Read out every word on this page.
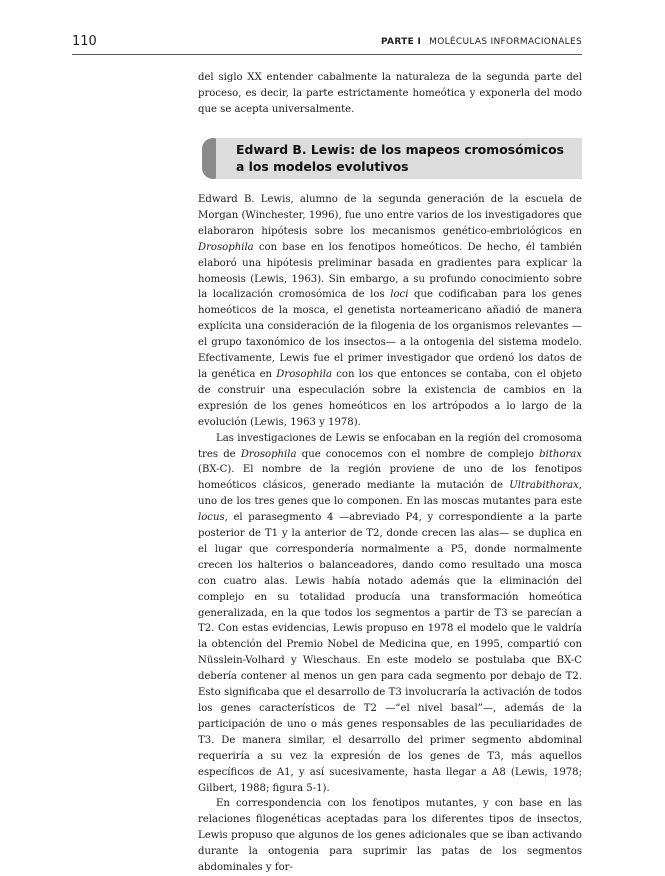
110	PARTE I MOLÉCULAS INFORMACIONALES

del siglo XX entender cabalmente la naturaleza de la segunda parte del proceso, es decir, la parte estrictamente homeótica y exponerla del modo que se acepta universalmente.

Edward B. Lewis: de los mapeos cromosómicos a los modelos evolutivos

Edward B. Lewis, alumno de la segunda generación de la escuela de Morgan (Winchester, 1996), fue uno entre varios de los investigadores que elaboraron hipótesis sobre los mecanismos genético-embriológicos en Drosophila con base en los fenotipos homeóticos. De hecho, él también elaboró una hipótesis preliminar basada en gradientes para explicar la homeosis (Lewis, 1963). Sin embargo, a su profundo conocimiento sobre la localización cromosómica de los loci que codificaban para los genes homeóticos de la mosca, el genetista norteamericano añadió de manera explícita una consideración de la filogenia de los organismos relevantes —el grupo taxonómico de los insectos— a la ontogenia del sistema modelo. Efectivamente, Lewis fue el primer investigador que ordenó los datos de la genética en Drosophila con los que entonces se contaba, con el objeto de construir una especulación sobre la existencia de cambios en la expresión de los genes homeóticos en los artrópodos a lo largo de la evolución (Lewis, 1963 y 1978).

Las investigaciones de Lewis se enfocaban en la región del cromosoma tres de Drosophila que conocemos con el nombre de complejo bithorax (BX-C). El nombre de la región proviene de uno de los fenotipos homeóticos clásicos, generado mediante la mutación de Ultrabithorax, uno de los tres genes que lo componen. En las moscas mutantes para este locus, el parasegmento 4 —abreviado P4, y correspondiente a la parte posterior de T1 y la anterior de T2, donde crecen las alas— se duplica en el lugar que correspondería normalmente a P5, donde normalmente crecen los halterios o balanceadores, dando como resultado una mosca con cuatro alas. Lewis había notado además que la eliminación del complejo en su totalidad producía una transformación homeótica generalizada, en la que todos los segmentos a partir de T3 se parecían a T2. Con estas evidencias, Lewis propuso en 1978 el modelo que le valdría la obtención del Premio Nobel de Medicina que, en 1995, compartió con Nüsslein-Volhard y Wieschaus. En este modelo se postulaba que BX-C debería contener al menos un gen para cada segmento por debajo de T2. Esto significaba que el desarrollo de T3 involucraría la activación de todos los genes característicos de T2 —“el nivel basal”—, además de la participación de uno o más genes responsables de las peculiaridades de T3. De manera similar, el desarrollo del primer segmento abdominal requeriría a su vez la expresión de los genes de T3, más aquellos específicos de A1, y así sucesivamente, hasta llegar a A8 (Lewis, 1978; Gilbert, 1988; figura 5-1).

En correspondencia con los fenotipos mutantes, y con base en las relaciones filogenéticas aceptadas para los diferentes tipos de insectos, Lewis propuso que algunos de los genes adicionales que se iban activando durante la ontogenia para suprimir las patas de los segmentos abdominales y for-
